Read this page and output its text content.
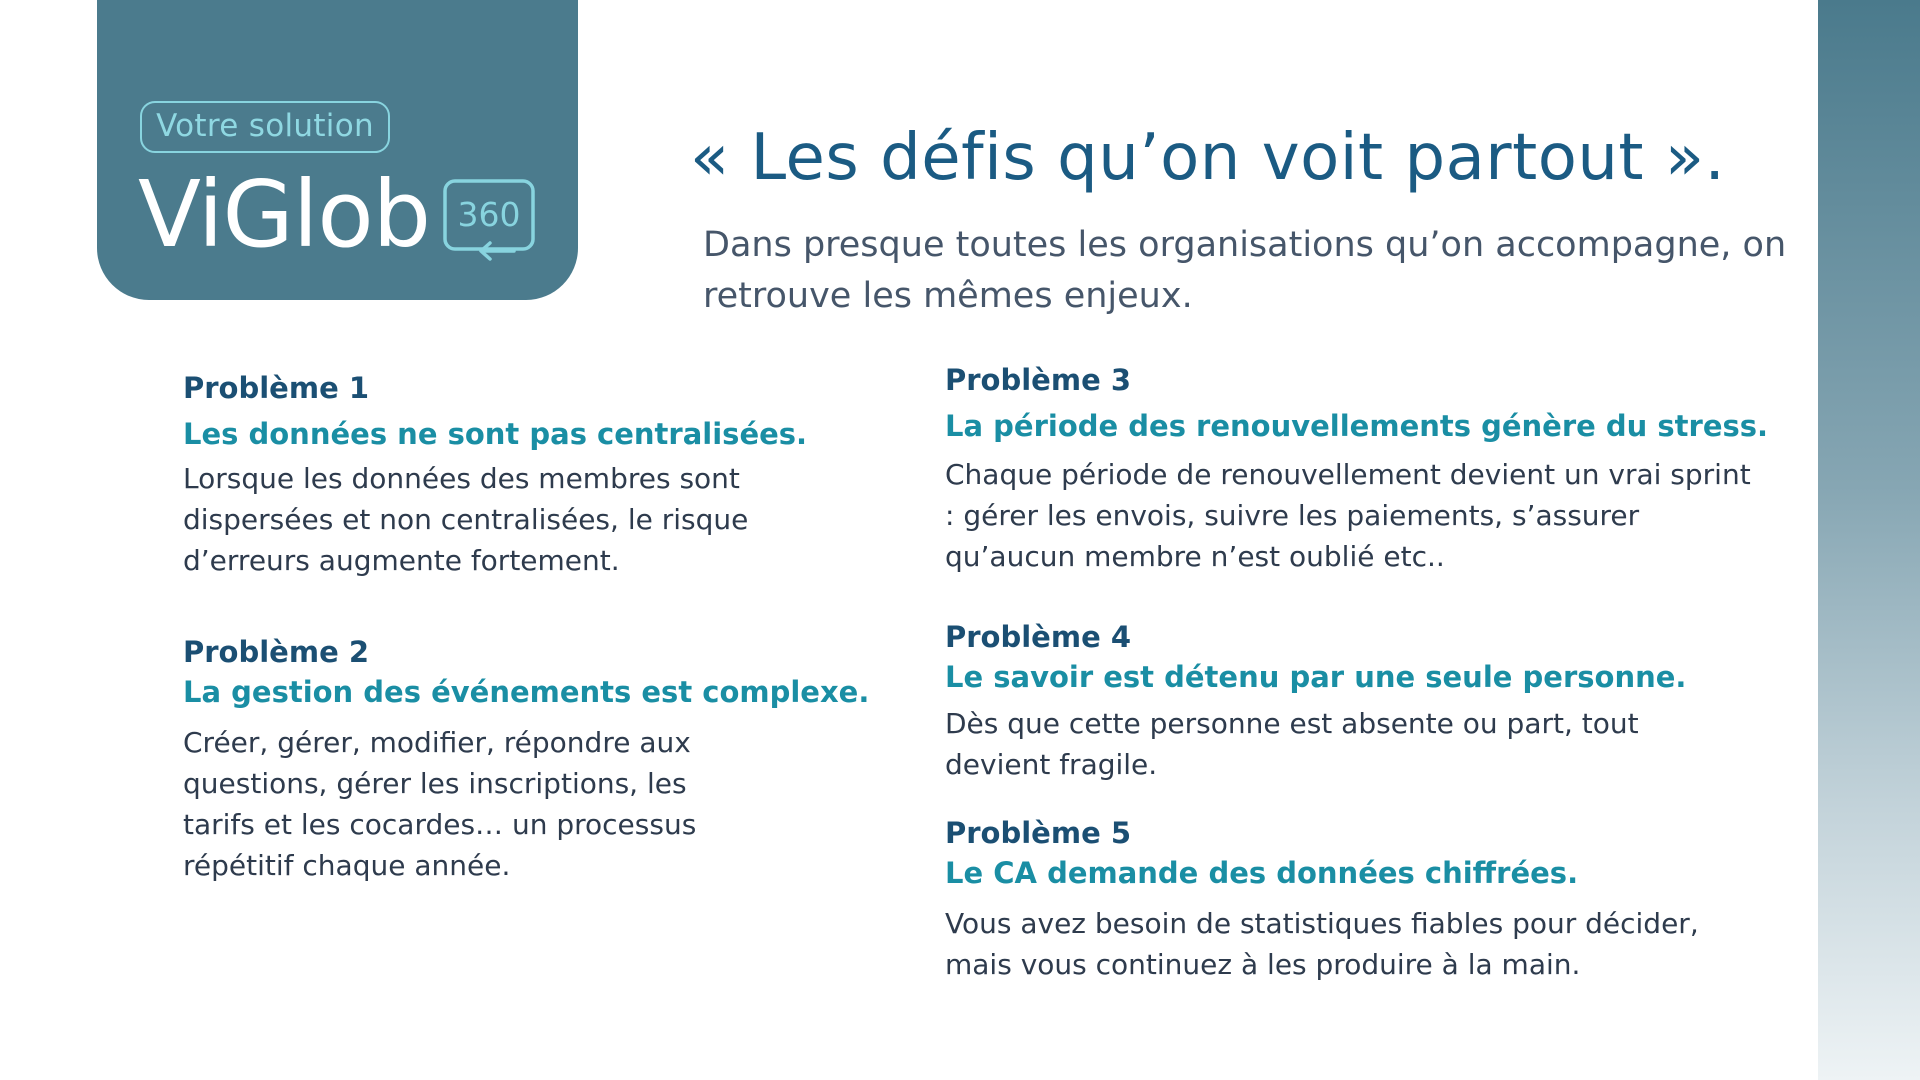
Votre solution
ViGlob 360
« Les défis qu’on voit partout ».
Dans presque toutes les organisations qu’on accompagne, on retrouve les mêmes enjeux.

Problème 1

Les données ne sont pas centralisées.

Lorsque les données des membres sont dispersées et non centralisées, le risque d’erreurs augmente fortement.

Problème 2

La gestion des événements est complexe.

Créer, gérer, modifier, répondre aux questions, gérer les inscriptions, les tarifs et les cocardes… un processus répétitif chaque année.

Problème 3

La période des renouvellements génère du stress.

Chaque période de renouvellement devient un vrai sprint : gérer les envois, suivre les paiements, s’assurer qu’aucun membre n’est oublié etc..

Problème 4

Le savoir est détenu par une seule personne.

Dès que cette personne est absente ou part, tout devient fragile.

Problème 5

Le CA demande des données chiffrées.

Vous avez besoin de statistiques fiables pour décider, mais vous continuez à les produire à la main.
